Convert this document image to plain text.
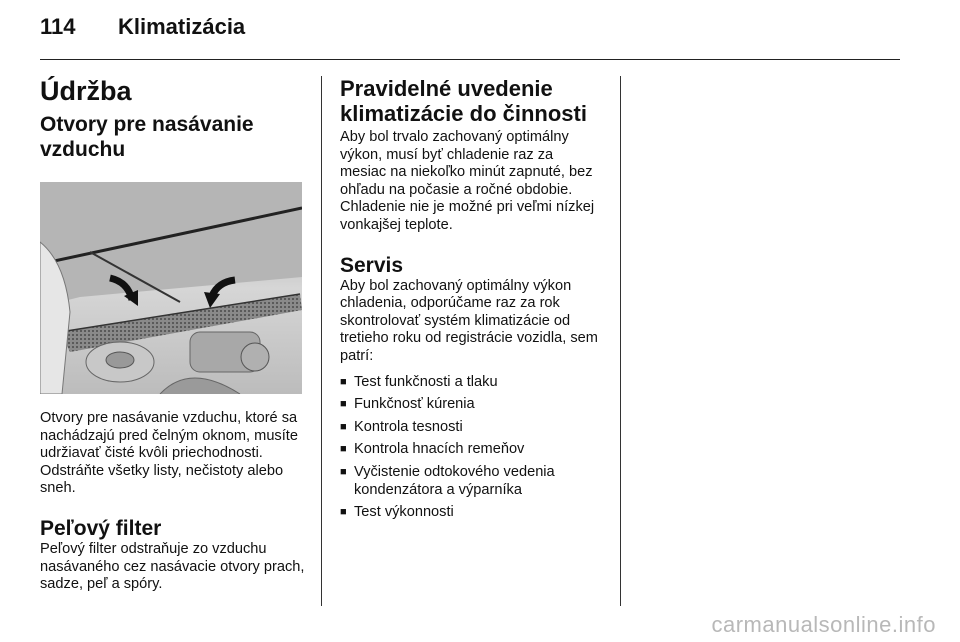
114 Klimatizácia
Údržba
Otvory pre nasávanie vzduchu

Otvory pre nasávanie vzduchu, ktoré sa nachádzajú pred čelným oknom, musíte udržiavať čisté kvôli priechodnosti. Odstráňte všetky listy, nečistoty alebo sneh.

Peľový filter

Peľový filter odstraňuje zo vzduchu nasávaného cez nasávacie otvory prach, sadze, peľ a spóry.

Pravidelné uvedenie klimatizácie do činnosti

Aby bol trvalo zachovaný optimálny výkon, musí byť chladenie raz za mesiac na niekoľko minút zapnuté, bez ohľadu na počasie a ročné obdobie. Chladenie nie je možné pri veľmi nízkej vonkajšej teplote.

Servis

Aby bol zachovaný optimálny výkon chladenia, odporúčame raz za rok skontrolovať systém klimatizácie od tretieho roku od registrácie vozidla, sem patrí:

■ Test funkčnosti a tlaku
■ Funkčnosť kúrenia
■ Kontrola tesnosti
■ Kontrola hnacích remeňov
■ Vyčistenie odtokového vedenia kondenzátora a výparníka
■ Test výkonnosti
carmanualsonline.info
